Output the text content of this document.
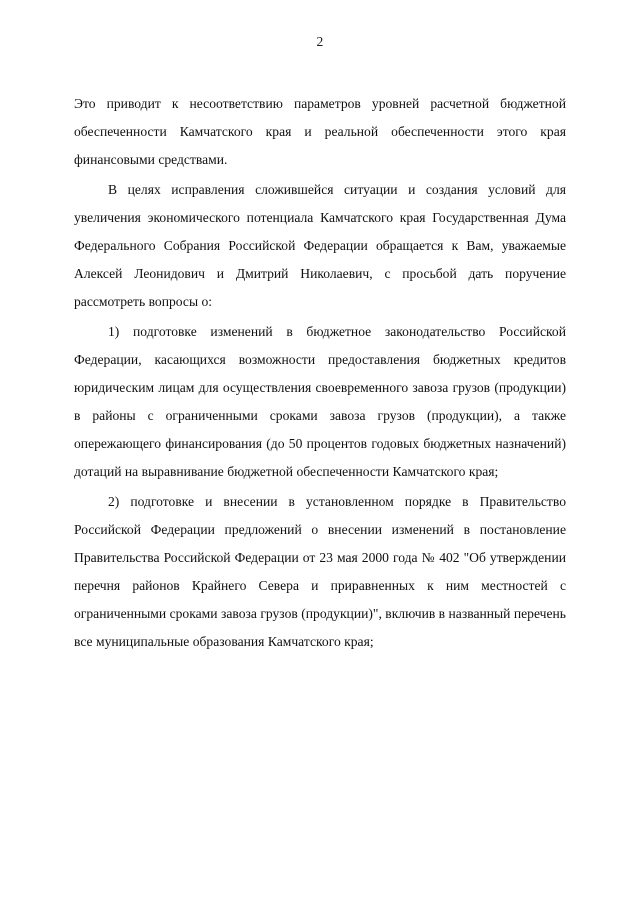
2

Это приводит к несоответствию параметров уровней расчетной бюджетной обеспеченности Камчатского края и реальной обеспеченности этого края финансовыми средствами.

В целях исправления сложившейся ситуации и создания условий для увеличения экономического потенциала Камчатского края Государственная Дума Федерального Собрания Российской Федерации обращается к Вам, уважаемые Алексей Леонидович и Дмитрий Николаевич, с просьбой дать поручение рассмотреть вопросы о:

1) подготовке изменений в бюджетное законодательство Российской Федерации, касающихся возможности предоставления бюджетных кредитов юридическим лицам для осуществления своевременного завоза грузов (продукции) в районы с ограниченными сроками завоза грузов (продукции), а также опережающего финансирования (до 50 процентов годовых бюджетных назначений) дотаций на выравнивание бюджетной обеспеченности Камчатского края;

2) подготовке и внесении в установленном порядке в Правительство Российской Федерации предложений о внесении изменений в постановление Правительства Российской Федерации от 23 мая 2000 года № 402 "Об утверждении перечня районов Крайнего Севера и приравненных к ним местностей с ограниченными сроками завоза грузов (продукции)", включив в названный перечень все муниципальные образования Камчатского края;
